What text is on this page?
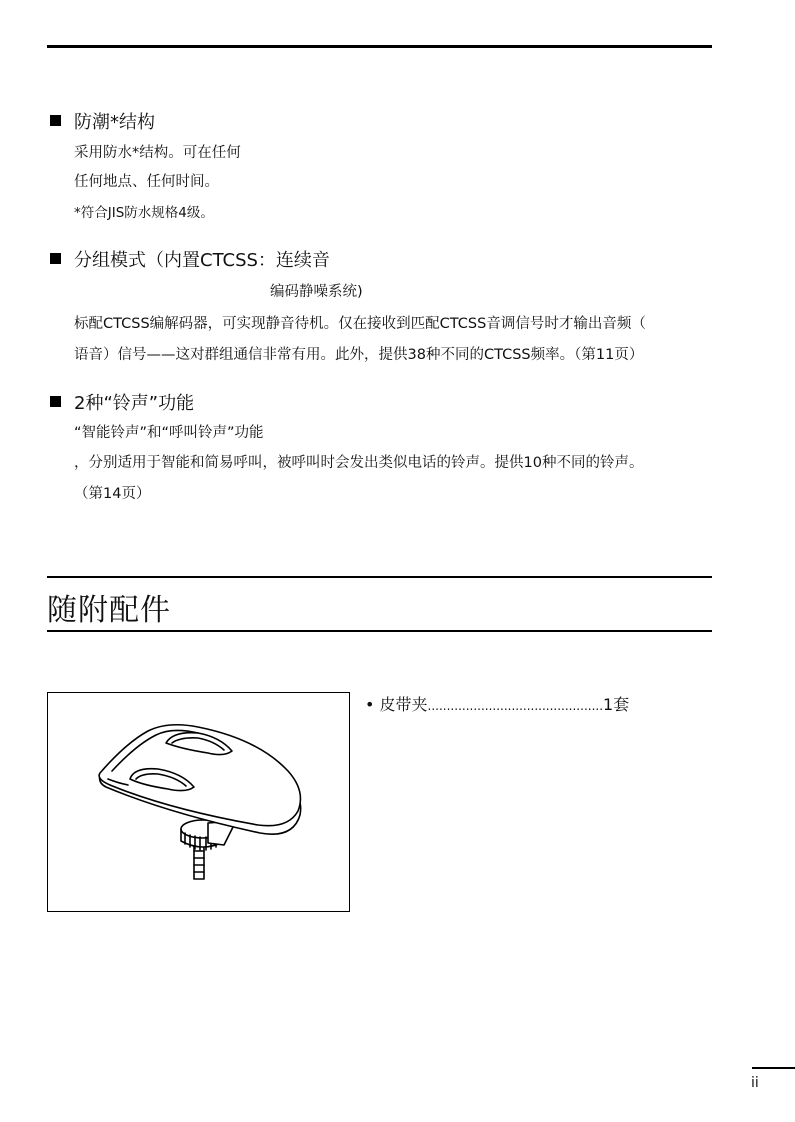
防潮*结构
采用防水*结构。可在任何
任何地点、任何时间。
*符合JIS防水规格4级。
分组模式（内置CTCSS：连续音
编码静噪系统)
标配CTCSS编解码器，可实现静音待机。仅在接收到匹配CTCSS音调信号时才输出音频（
语音）信号——这对群组通信非常有用。此外，提供38种不同的CTCSS频率。（第11页）
2种“铃声”功能
“智能铃声”和“呼叫铃声”功能
，分别适用于智能和简易呼叫，被呼叫时会发出类似电话的铃声。提供10种不同的铃声。
（第14页）
随附配件
• 皮带夹..............................................1套
ii
